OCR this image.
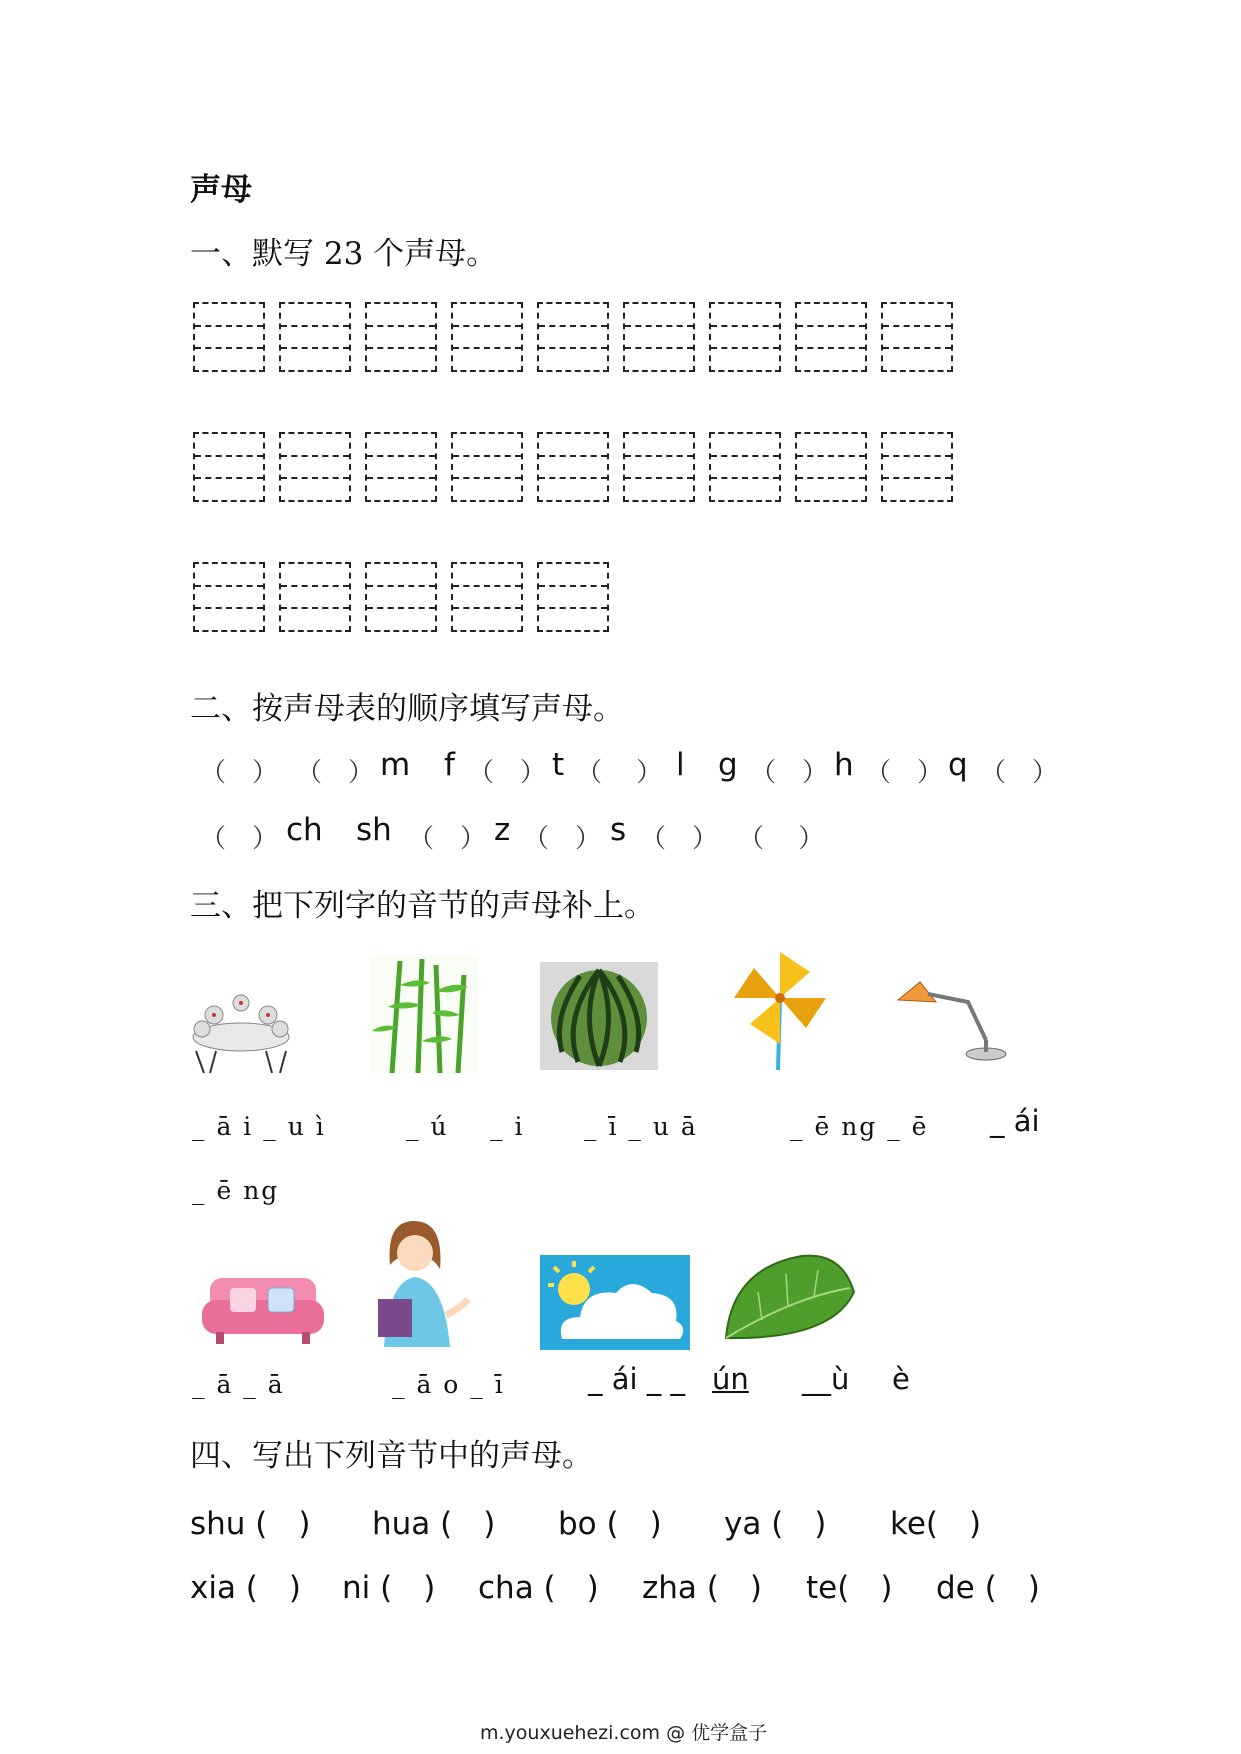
声母
一、默写 23 个声母。
二、按声母表的顺序填写声母。
（　） （　） m f （　） t （　 ） l g （　） h （　） q （　）
（　） ch sh （　） z （　） s （　） （　 ）
三、把下列字的音节的声母补上。
_ ā i _ u ì	_ ú _ i _ ī _ u ā	_ ē ng _ ē _ ái
_ ē ng
_ ā _ ā	_ ā o _ ī	_ ái _ _ ún __ù è
四、写出下列音节中的声母。
shu (　) hua (　) bo (　) ya (　) ke(　)
xia (　) ni (　) cha (　) zha (　) te(　) de (　)
m.youxuehezi.com @ 优学盒子
